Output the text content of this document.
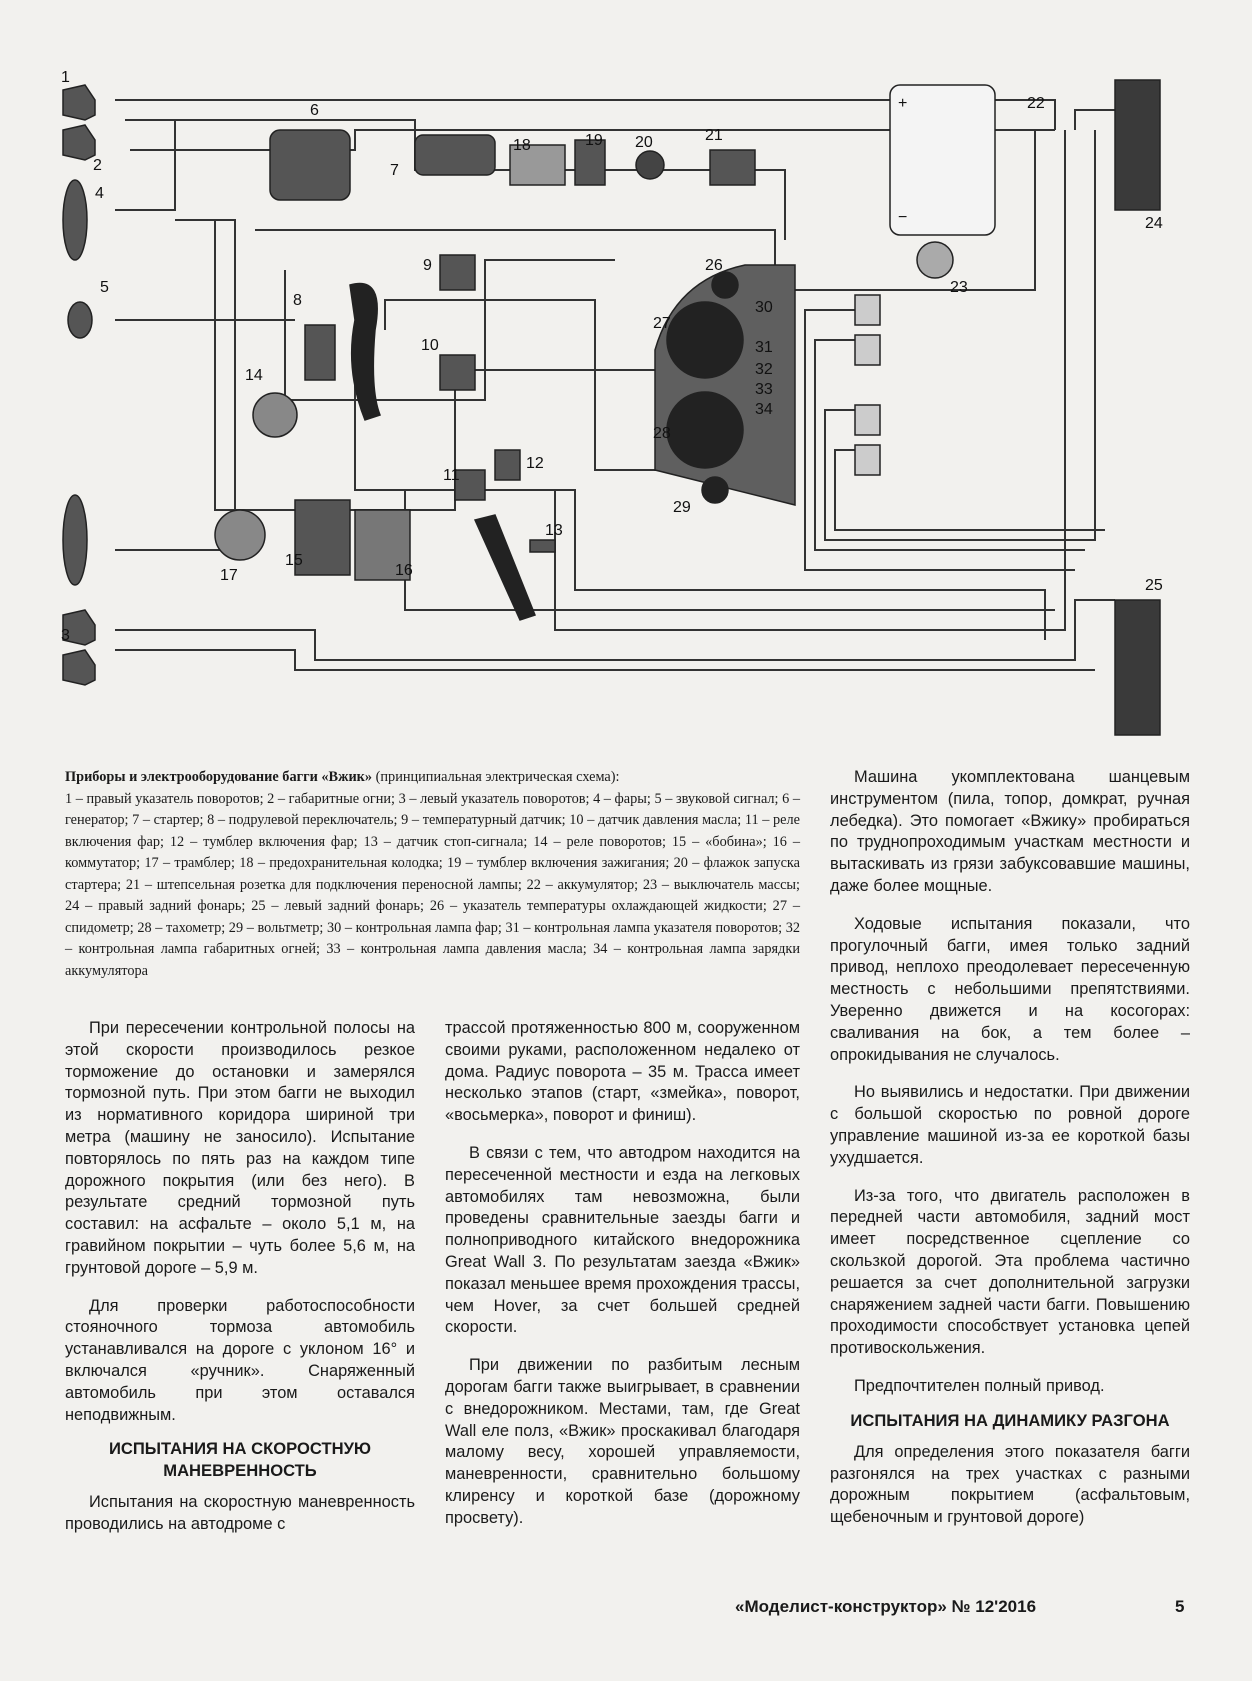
1
2
3
4
5
6
7
8
9
10
11
12
13
14
15
16
17
18	19 20	21
22
23
24
25
26
27
28
29
30
31
32
33
34
+
−
Приборы и электрооборудование багги «Вжик» (принципиальная электрическая схема):
1 – правый указатель поворотов; 2 – габаритные огни; 3 – левый указатель поворотов; 4 – фары; 5 – звуковой сигнал; 6 – генератор; 7 – стартер; 8 – подрулевой переключатель; 9 – температурный датчик; 10 – датчик давления масла; 11 – реле включения фар; 12 – тумблер включения фар; 13 – датчик стоп-сигнала; 14 – реле поворотов; 15 – «бобина»; 16 – коммутатор; 17 – трамблер; 18 – предохранительная колодка; 19 – тумблер включения зажигания; 20 – флажок запуска стартера; 21 – штепсельная розетка для подключения переносной лампы; 22 – аккумулятор; 23 – выключатель массы; 24 – правый задний фонарь; 25 – левый задний фонарь; 26 – указатель температуры охлаждающей жидкости; 27 – спидометр; 28 – тахометр; 29 – вольтметр; 30 – контрольная лампа фар; 31 – контрольная лампа указателя поворотов; 32 – контрольная лампа габаритных огней; 33 – контрольная лампа давления масла; 34 – контрольная лампа зарядки аккумулятора

При пересечении контрольной полосы на этой скорости производилось резкое торможение до остановки и замерялся тормозной путь. При этом багги не выходил из нормативного коридора шириной три метра (машину не заносило). Испытание повторялось по пять раз на каждом типе дорожного покрытия (или без него). В результате средний тормозной путь составил: на асфальте – около 5,1 м, на гравийном покрытии – чуть более 5,6 м, на грунтовой дороге – 5,9 м.

Для проверки работоспособности стояночного тормоза автомобиль устанавливался на дороге с уклоном 16° и включался «ручник». Снаряженный автомобиль при этом оставался неподвижным.

ИСПЫТАНИЯ НА СКОРОСТНУЮ МАНЕВРЕННОСТЬ

Испытания на скоростную маневренность проводились на автодроме с

трассой протяженностью 800 м, сооруженном своими руками, расположенном недалеко от дома. Радиус поворота – 35 м. Трасса имеет несколько этапов (старт, «змейка», поворот, «восьмерка», поворот и финиш).

В связи с тем, что автодром находится на пересеченной местности и езда на легковых автомобилях там невозможна, были проведены сравнительные заезды багги и полноприводного китайского внедорожника Great Wall 3. По результатам заезда «Вжик» показал меньшее время прохождения трассы, чем Hover, за счет большей средней скорости.

При движении по разбитым лесным дорогам багги также выигрывает, в сравнении с внедорожником. Местами, там, где Great Wall еле полз, «Вжик» проскакивал благодаря малому весу, хорошей управляемости, маневренности, сравнительно большому клиренсу и короткой базе (дорожному просвету).

Машина укомплектована шанцевым инструментом (пила, топор, домкрат, ручная лебедка). Это помогает «Вжику» пробираться по труднопроходимым участкам местности и вытаскивать из грязи забуксовавшие машины, даже более мощные.

Ходовые испытания показали, что прогулочный багги, имея только задний привод, неплохо преодолевает пересеченную местность с небольшими препятствиями. Уверенно движется и на косогорах: сваливания на бок, а тем более – опрокидывания не случалось.

Но выявились и недостатки. При движении с большой скоростью по ровной дороге управление машиной из-за ее короткой базы ухудшается.

Из-за того, что двигатель расположен в передней части автомобиля, задний мост имеет посредственное сцепление со скользкой дорогой. Эта проблема частично решается за счет дополнительной загрузки снаряжением задней части багги. Повышению проходимости способствует установка цепей противоскольжения.

Предпочтителен полный привод.

ИСПЫТАНИЯ НА ДИНАМИКУ РАЗГОНА

Для определения этого показателя багги разгонялся на трех участках с разными дорожным покрытием (асфальтовым, щебеночным и грунтовой дороге)

«Моделист-конструктор» № 12'2016	5
